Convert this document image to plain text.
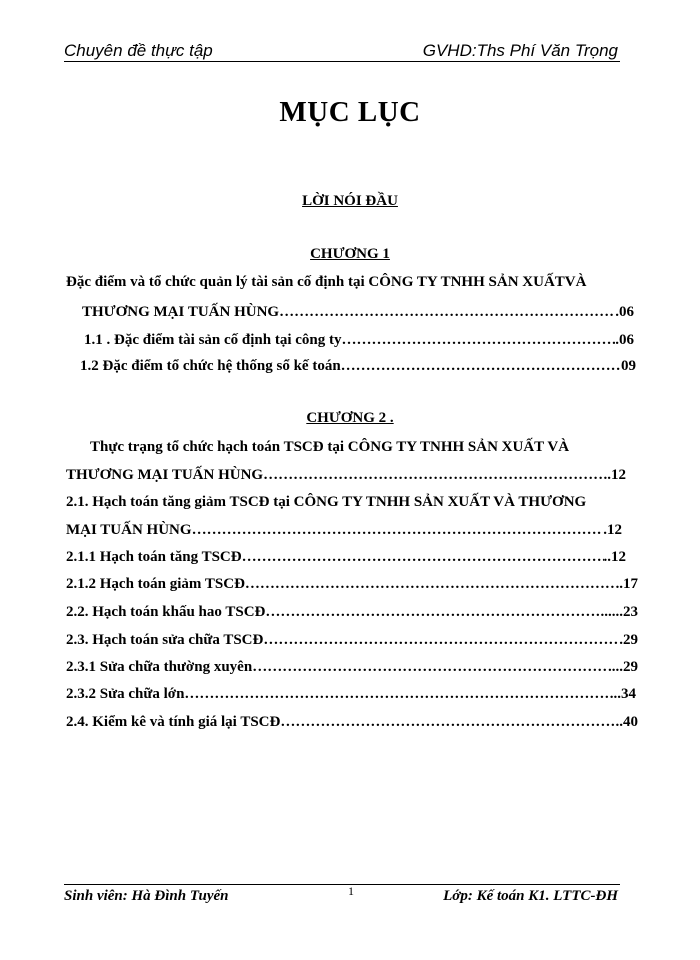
Chuyên đề thực tập	GVHD:Ths Phí Văn Trọng
MỤC LỤC
LỜI NÓI ĐẦU
CHƯƠNG 1
Đặc điểm và tổ chức quản lý tài sản cố định tại CÔNG TY TNHH SẢN XUẤTVÀ
THƯƠNG MẠI TUẤN HÙNG ……………………………………………………………………………………………………………………………………………………………………	.06
1.1 . Đặc điểm tài sản cố định tại công ty ……………………………………………………………………………………………………………………………………………………………………	.06
1.2 Đặc điểm tổ chức hệ thống sổ kế toán ……………………………………………………………………………………………………………………………………………………………………	09
CHƯƠNG 2 .
Thực trạng tổ chức hạch toán TSCĐ tại CÔNG TY TNHH SẢN XUẤT VÀ
THƯƠNG MẠI TUẤN HÙNG ……………………………………………………………………………………………………………………………………………………………………	..12
2.1. Hạch toán tăng giảm TSCĐ tại CÔNG TY TNHH SẢN XUẤT VÀ THƯƠNG
MẠI TUẤN HÙNG ……………………………………………………………………………………………………………………………………………………………………	.12
2.1.1 Hạch toán tăng TSCĐ ……………………………………………………………………………………………………………………………………………………………………	..12
2.1.2 Hạch toán giảm TSCĐ ……………………………………………………………………………………………………………………………………………………………………	.17
2.2. Hạch toán khấu hao TSCĐ ……………………………………………………………………………………………………………………………………………………………………	......23
2.3. Hạch toán sửa chữa TSCĐ ……………………………………………………………………………………………………………………………………………………………………	.29
2.3.1 Sửa chữa thường xuyên ……………………………………………………………………………………………………………………………………………………………………	....29
2.3.2 Sửa chữa lớn ……………………………………………………………………………………………………………………………………………………………………	...34
2.4. Kiểm kê và tính giá lại TSCĐ ……………………………………………………………………………………………………………………………………………………………………	..40
1
Sinh viên: Hà Đình Tuyến	Lớp: Kế toán K1. LTTC-ĐH
